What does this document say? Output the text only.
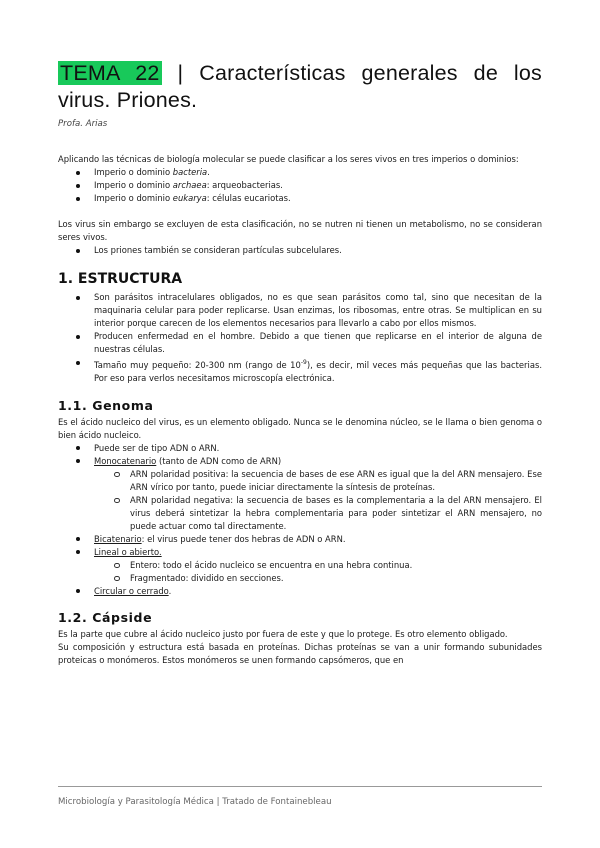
TEMA 22 | Características generales de los virus. Priones.

Profa. Arias

Aplicando las técnicas de biología molecular se puede clasificar a los seres vivos en tres imperios o dominios:

Imperio o dominio bacteria.
Imperio o dominio archaea: arqueobacterias.
Imperio o dominio eukarya: células eucariotas.

Los virus sin embargo se excluyen de esta clasificación, no se nutren ni tienen un metabolismo, no se consideran seres vivos.

Los priones también se consideran partículas subcelulares.
1. ESTRUCTURA
Son parásitos intracelulares obligados, no es que sean parásitos como tal, sino que necesitan de la maquinaria celular para poder replicarse. Usan enzimas, los ribosomas, entre otras. Se multiplican en su interior porque carecen de los elementos necesarios para llevarlo a cabo por ellos mismos.
Producen enfermedad en el hombre. Debido a que tienen que replicarse en el interior de alguna de nuestras células.
Tamaño muy pequeño: 20-300 nm (rango de $10^{-9}$), es decir, mil veces más pequeñas que las bacterias. Por eso para verlos necesitamos microscopía electrónica.
1.1. Genoma

Es el ácido nucleico del virus, es un elemento obligado. Nunca se le denomina núcleo, se le llama o bien genoma o bien ácido nucleico.

Puede ser de tipo ADN o ARN.
Monocatenario (tanto de ADN como de ARN)
ARN polaridad positiva: la secuencia de bases de ese ARN es igual que la del ARN mensajero. Ese ARN vírico por tanto, puede iniciar directamente la síntesis de proteínas.
ARN polaridad negativa: la secuencia de bases es la complementaria a la del ARN mensajero. El virus deberá sintetizar la hebra complementaria para poder sintetizar el ARN mensajero, no puede actuar como tal directamente.
Bicatenario: el virus puede tener dos hebras de ADN o ARN.
Lineal o abierto.
Entero: todo el ácido nucleico se encuentra en una hebra continua.
Fragmentado: dividido en secciones.
Circular o cerrado.
1.2. Cápside

Es la parte que cubre al ácido nucleico justo por fuera de este y que lo protege. Es otro elemento obligado.

Su composición y estructura está basada en proteínas. Dichas proteínas se van a unir formando subunidades proteicas o monómeros. Estos monómeros se unen formando capsómeros, que en

Microbiología y Parasitología Médica | Tratado de Fontainebleau
